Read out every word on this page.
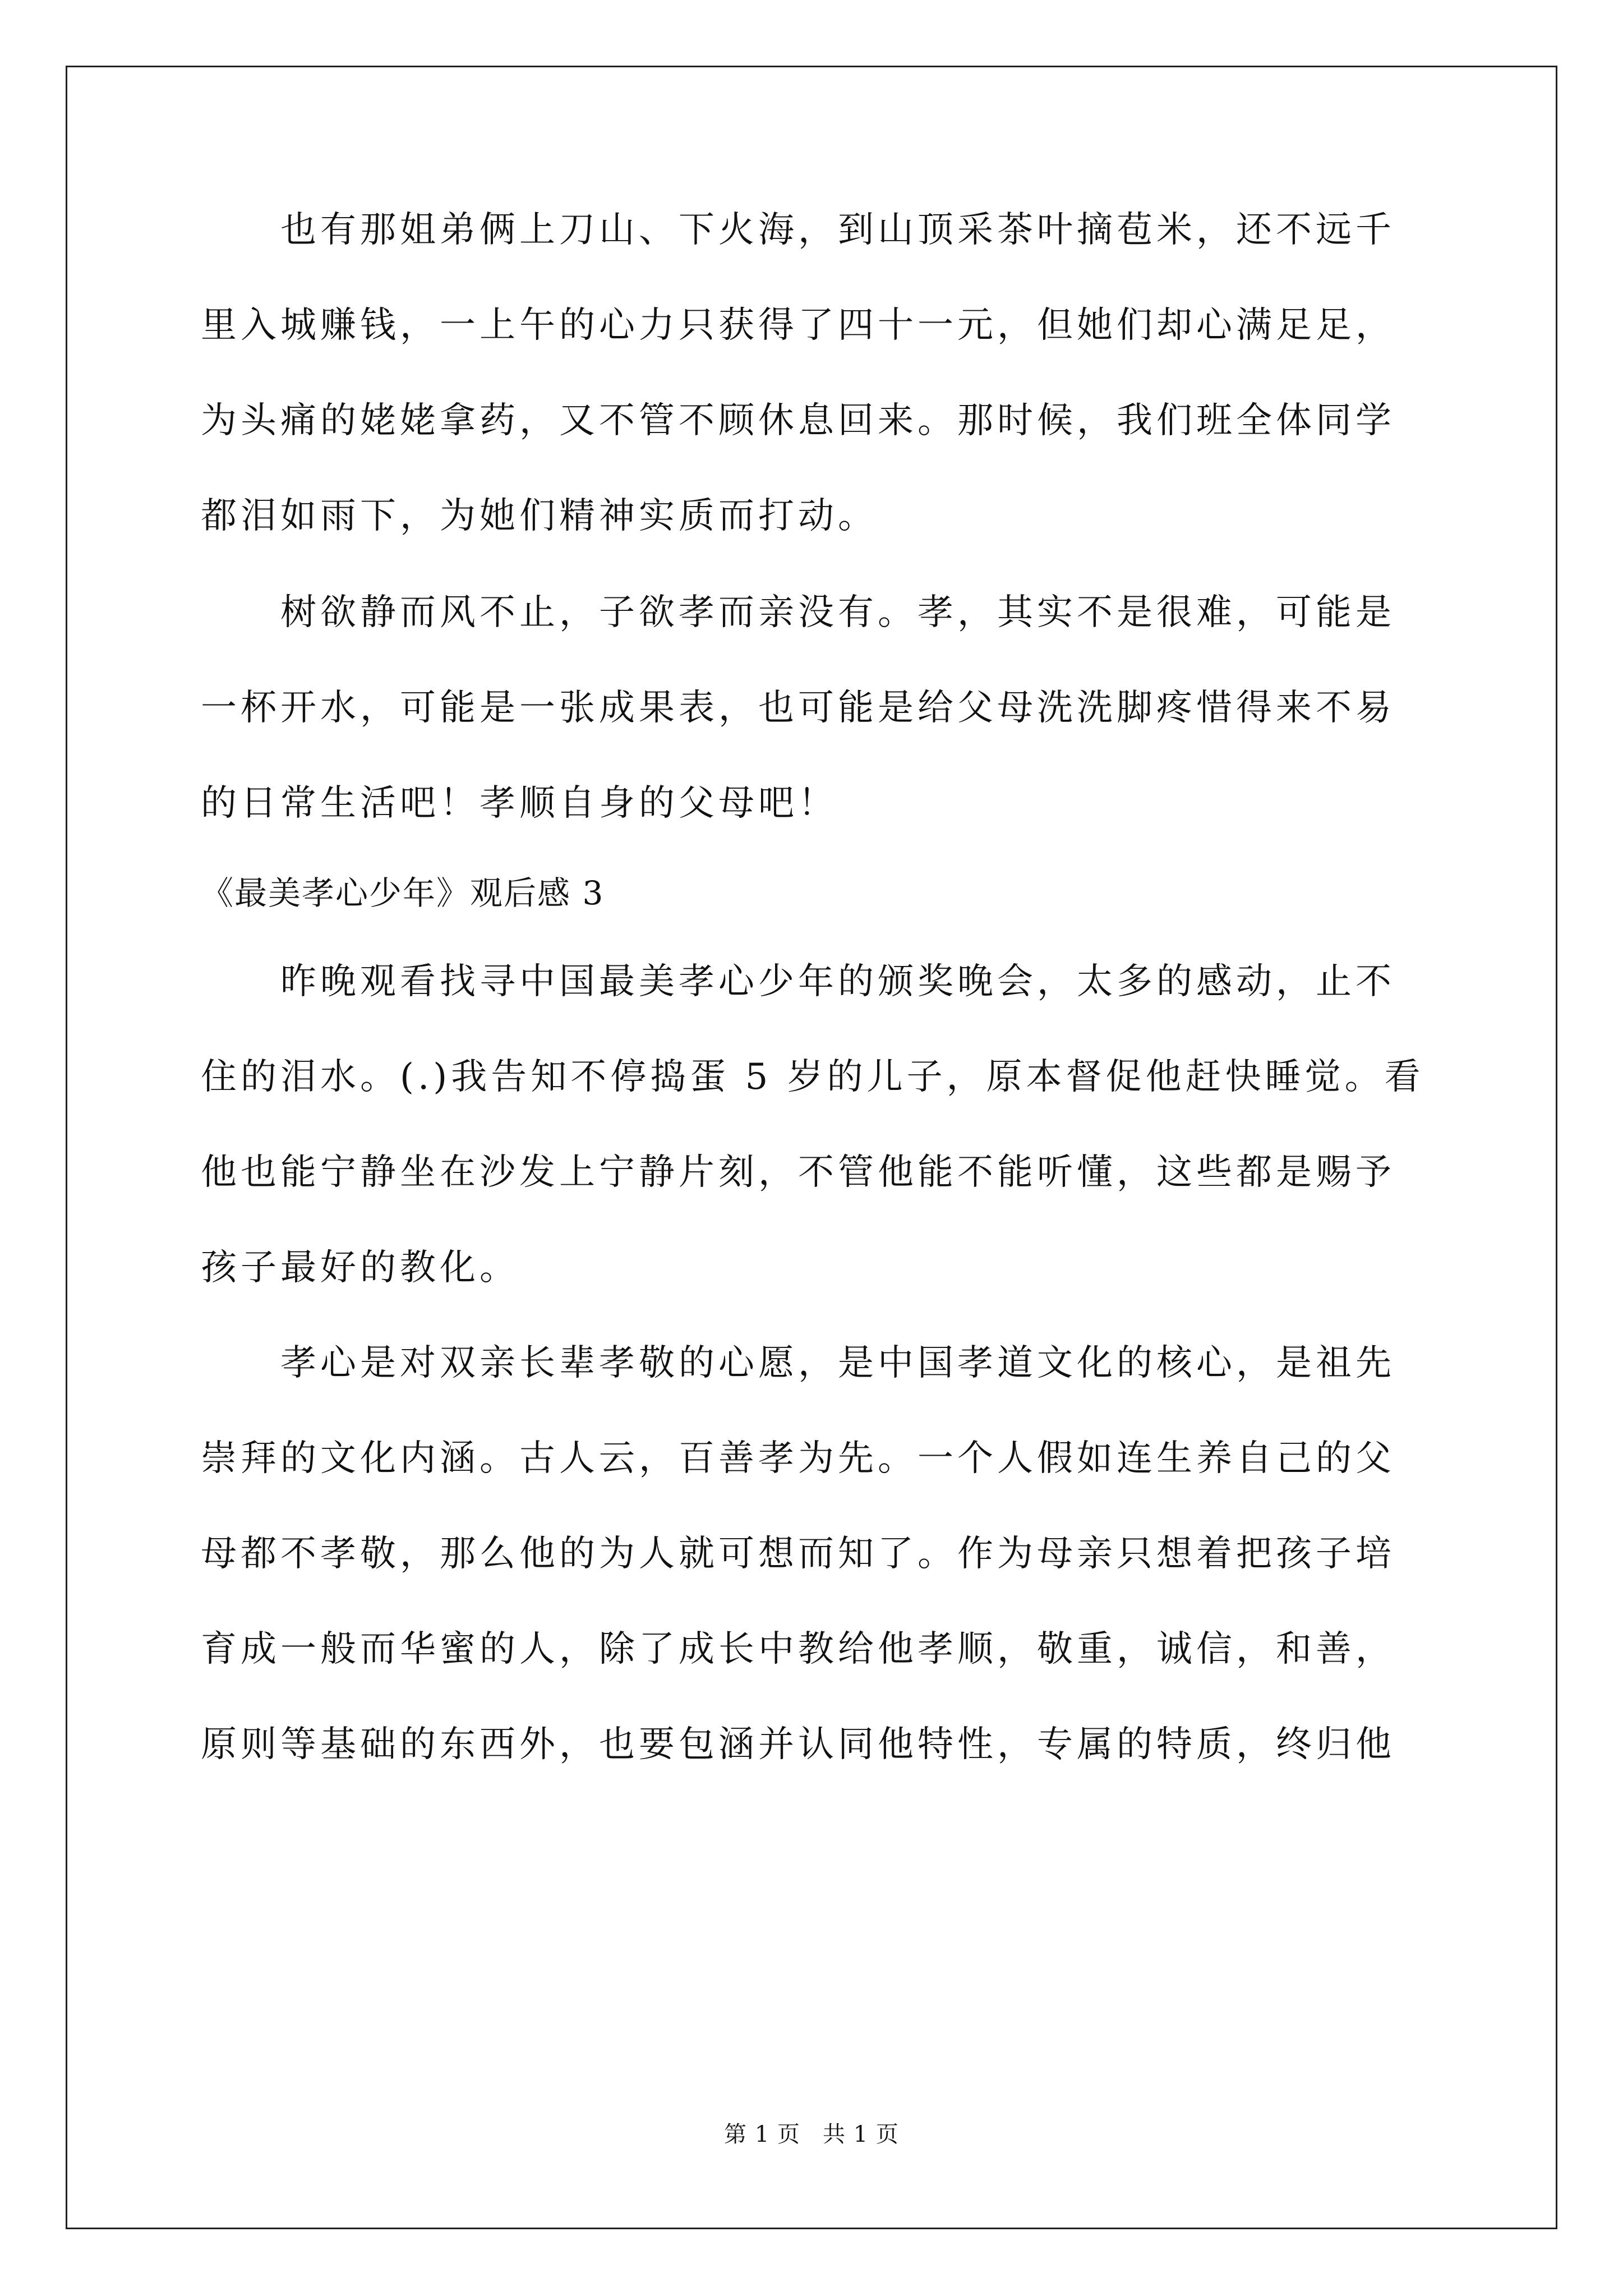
　　也有那姐弟俩上刀山、下火海，到山顶采茶叶摘苞米，还不远千
里入城赚钱，一上午的心力只获得了四十一元，但她们却心满足足，
为头痛的姥姥拿药，又不管不顾休息回来。那时候，我们班全体同学
都泪如雨下，为她们精神实质而打动。
　　树欲静而风不止，子欲孝而亲没有。孝，其实不是很难，可能是
一杯开水，可能是一张成果表，也可能是给父母洗洗脚疼惜得来不易
的日常生活吧！孝顺自身的父母吧！
《最美孝心少年》观后感 3
　　昨晚观看找寻中国最美孝心少年的颁奖晚会，太多的感动，止不
住的泪水。(.)我告知不停捣蛋 5 岁的儿子，原本督促他赶快睡觉。看
他也能宁静坐在沙发上宁静片刻，不管他能不能听懂，这些都是赐予
孩子最好的教化。
　　孝心是对双亲长辈孝敬的心愿，是中国孝道文化的核心，是祖先
崇拜的文化内涵。古人云，百善孝为先。一个人假如连生养自己的父
母都不孝敬，那么他的为人就可想而知了。作为母亲只想着把孩子培
育成一般而华蜜的人，除了成长中教给他孝顺，敬重，诚信，和善，
原则等基础的东西外，也要包涵并认同他特性，专属的特质，终归他
第 1 页 共 1 页
